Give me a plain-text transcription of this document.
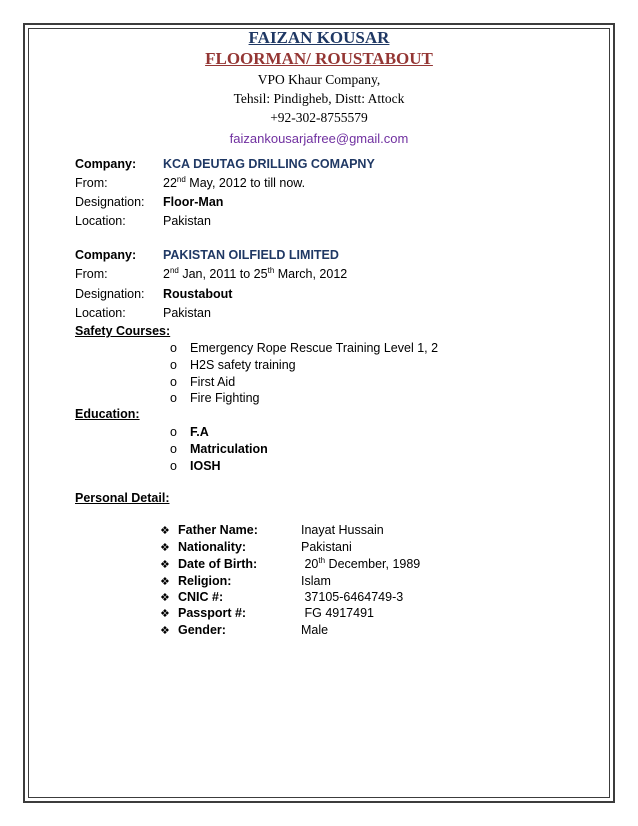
FAIZAN KOUSAR
FLOORMAN/ ROUSTABOUT
VPO Khaur Company,
Tehsil: Pindigheb, Distt: Attock
+92-302-8755579
faizankousarjafree@gmail.com
Company: KCA DEUTAG DRILLING COMAPNY
From:	22nd May, 2012 to till now.
Designation: Floor-Man
Location:	Pakistan
Company: PAKISTAN OILFIELD LIMITED
From:	2nd Jan, 2011 to 25th March, 2012
Designation: Roustabout
Location:	Pakistan
Safety Courses:
o Emergency Rope Rescue Training Level 1, 2
o H2S safety training
o First Aid
o Fire Fighting
Education:
o F.A
o Matriculation
o IOSH
Personal Detail:
❖ Father Name:	Inayat Hussain
❖ Nationality:	Pakistani
❖ Date of Birth:	20th December, 1989
❖ Religion:	Islam
❖ CNIC #:	37105-6464749-3
❖ Passport #:	FG 4917491
❖ Gender:	Male
